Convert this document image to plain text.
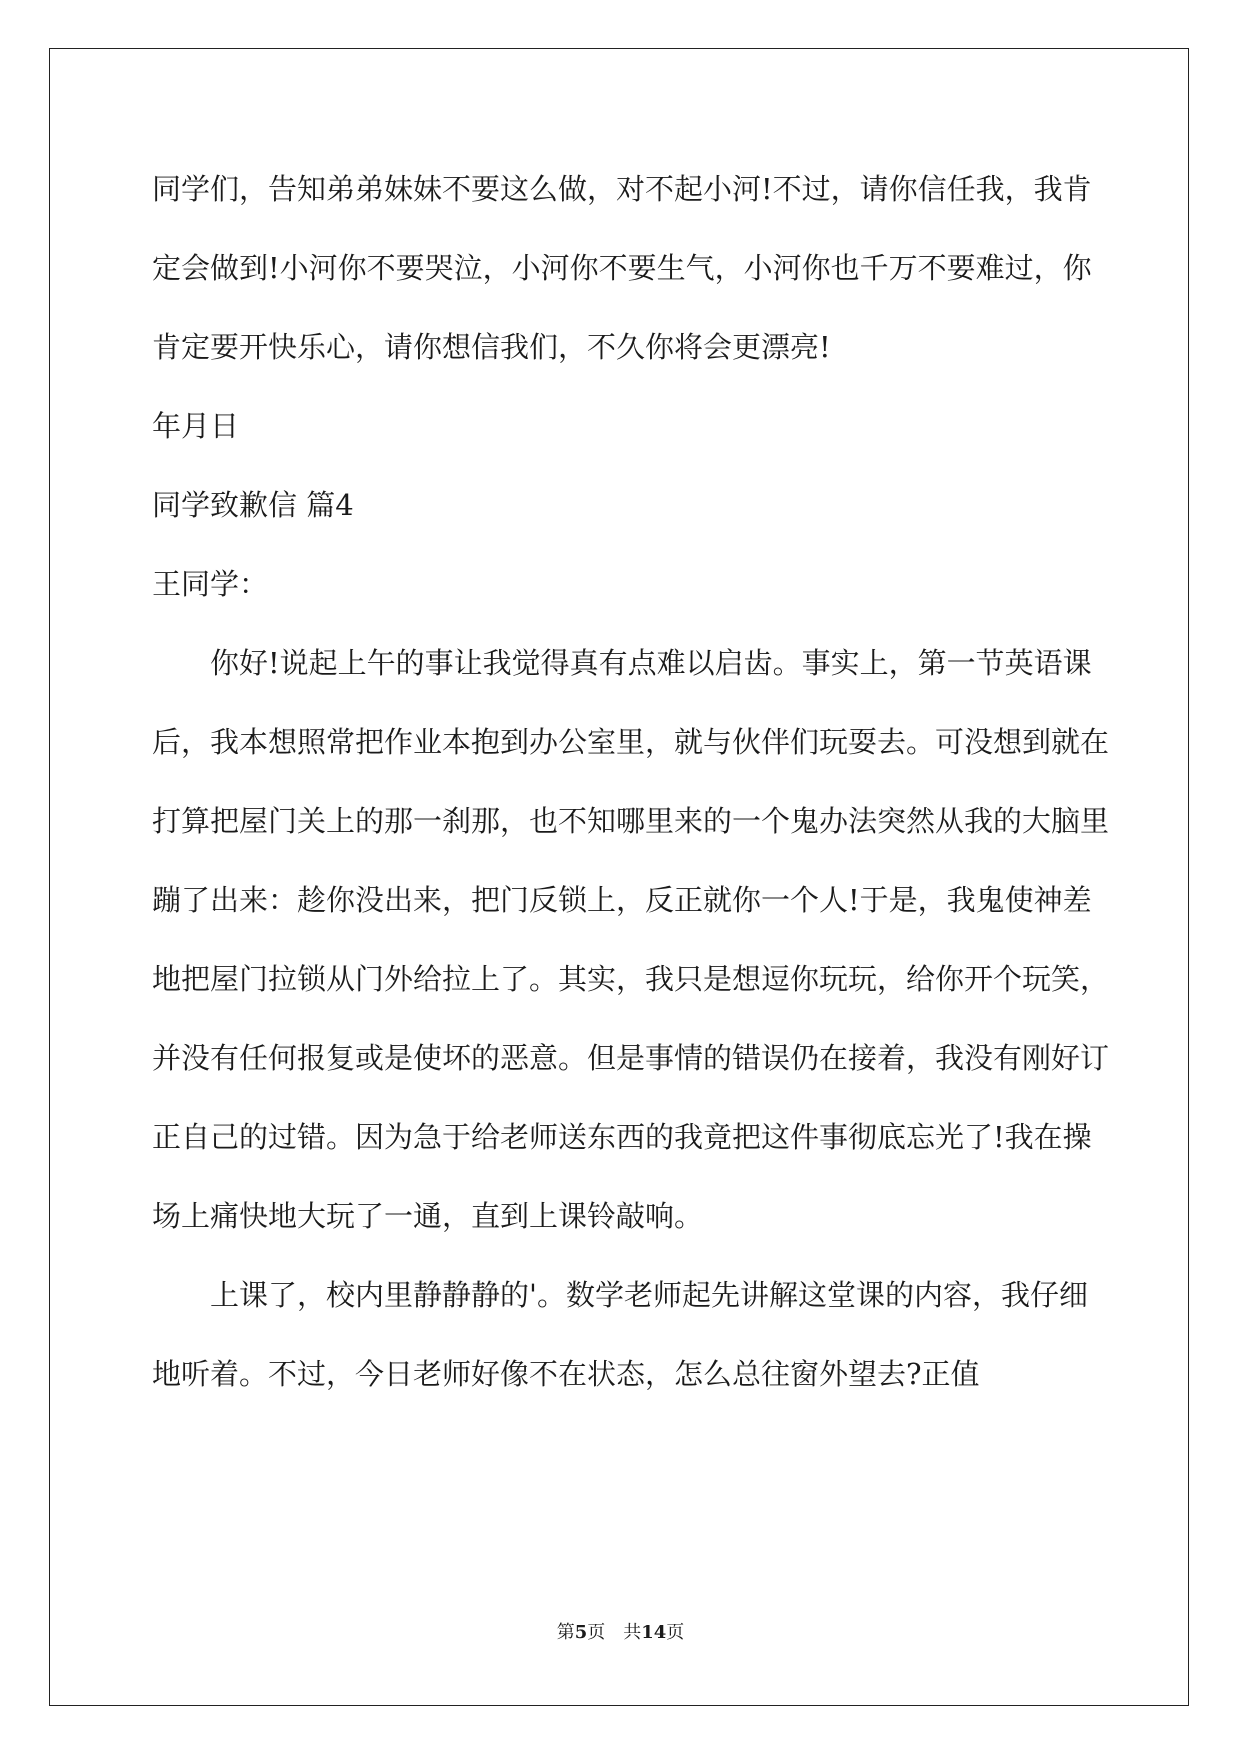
同学们，告知弟弟妹妹不要这么做，对不起小河!不过，请你信任我，我肯定会做到!小河你不要哭泣，小河你不要生气，小河你也千万不要难过，你肯定要开快乐心，请你想信我们，不久你将会更漂亮!

年月日

同学致歉信 篇4

王同学：

你好!说起上午的事让我觉得真有点难以启齿。事实上，第一节英语课后，我本想照常把作业本抱到办公室里，就与伙伴们玩耍去。可没想到就在打算把屋门关上的那一刹那，也不知哪里来的一个鬼办法突然从我的大脑里蹦了出来：趁你没出来，把门反锁上，反正就你一个人!于是，我鬼使神差地把屋门拉锁从门外给拉上了。其实，我只是想逗你玩玩，给你开个玩笑，并没有任何报复或是使坏的恶意。但是事情的错误仍在接着，我没有刚好订正自己的过错。因为急于给老师送东西的我竟把这件事彻底忘光了!我在操场上痛快地大玩了一通，直到上课铃敲响。

上课了，校内里静静静的'。数学老师起先讲解这堂课的内容，我仔细地听着。不过，今日老师好像不在状态，怎么总往窗外望去?正值

第5页　共14页
